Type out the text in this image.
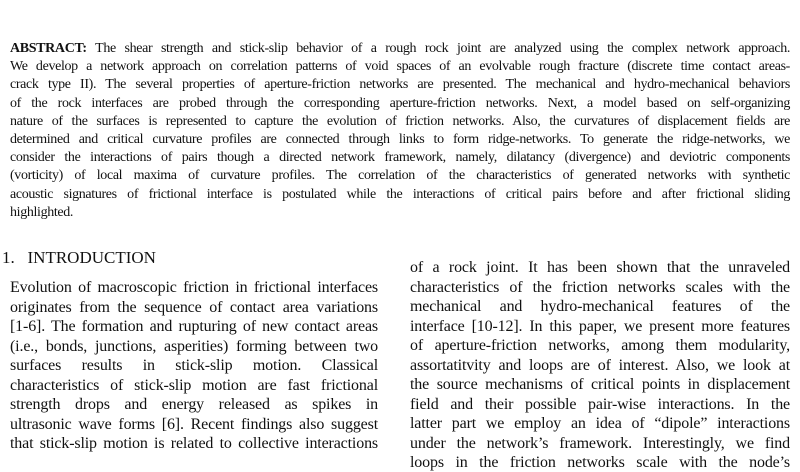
ABSTRACT: The shear strength and stick-slip behavior of a rough rock joint are analyzed using the complex network approach.
We develop a network approach on correlation patterns of void spaces of an evolvable rough fracture (discrete time contact areas-
crack type II). The several properties of aperture-friction networks are presented. The mechanical and hydro-mechanical behaviors
of the rock interfaces are probed through the corresponding aperture-friction networks. Next, a model based on self-organizing
nature of the surfaces is represented to capture the evolution of friction networks. Also, the curvatures of displacement fields are
determined and critical curvature profiles are connected through links to form ridge-networks. To generate the ridge-networks, we
consider the interactions of pairs though a directed network framework, namely, dilatancy (divergence) and deviotric components
(vorticity) of local maxima of curvature profiles. The correlation of the characteristics of generated networks with synthetic
acoustic signatures of frictional interface is postulated while the interactions of critical pairs before and after frictional sliding
highlighted.
1. INTRODUCTION
Evolution of macroscopic friction in frictional interfaces
originates from the sequence of contact area variations
[1-6]. The formation and rupturing of new contact areas
(i.e., bonds, junctions, asperities) forming between two
surfaces results in stick-slip motion. Classical
characteristics of stick-slip motion are fast frictional
strength drops and energy released as spikes in
ultrasonic wave forms [6]. Recent findings also suggest
that stick-slip motion is related to collective interactions
of a rock joint. It has been shown that the unraveled
characteristics of the friction networks scales with the
mechanical and hydro-mechanical features of the
interface [10-12]. In this paper, we present more features
of aperture-friction networks, among them modularity,
assortatitvity and loops are of interest. Also, we look at
the source mechanisms of critical points in displacement
field and their possible pair-wise interactions. In the
latter part we employ an idea of “dipole” interactions
under the network’s framework. Interestingly, we find
loops in the friction networks scale with the node’s
